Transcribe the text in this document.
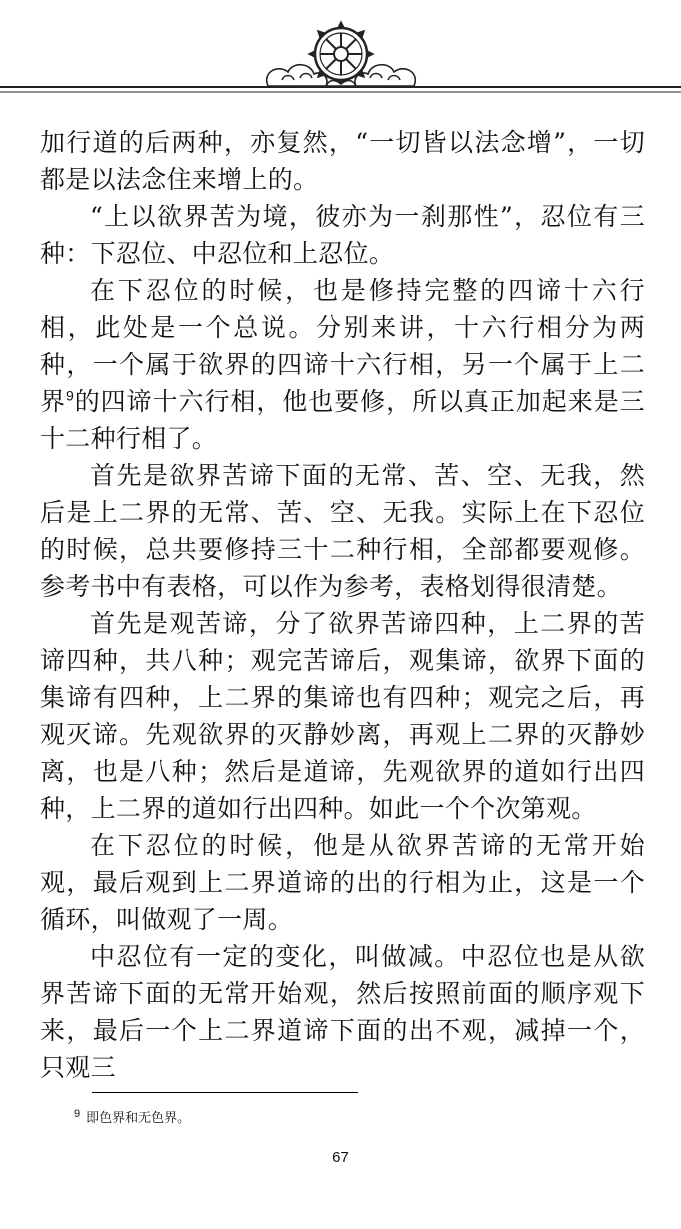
加行道的后两种，亦复然，“一切皆以法念增”，一切都是以法念住来增上的。

“上以欲界苦为境，彼亦为一刹那性”，忍位有三种：下忍位、中忍位和上忍位。

在下忍位的时候，也是修持完整的四谛十六行相，此处是一个总说。分别来讲，十六行相分为两种，一个属于欲界的四谛十六行相，另一个属于上二界$^9$的四谛十六行相，他也要修，所以真正加起来是三十二种行相了。

首先是欲界苦谛下面的无常、苦、空、无我，然后是上二界的无常、苦、空、无我。实际上在下忍位的时候，总共要修持三十二种行相，全部都要观修。参考书中有表格，可以作为参考，表格划得很清楚。

首先是观苦谛，分了欲界苦谛四种，上二界的苦谛四种，共八种；观完苦谛后，观集谛，欲界下面的集谛有四种，上二界的集谛也有四种；观完之后，再观灭谛。先观欲界的灭静妙离，再观上二界的灭静妙离，也是八种；然后是道谛，先观欲界的道如行出四种，上二界的道如行出四种。如此一个个次第观。

在下忍位的时候，他是从欲界苦谛的无常开始观，最后观到上二界道谛的出的行相为止，这是一个循环，叫做观了一周。

中忍位有一定的变化，叫做减。中忍位也是从欲界苦谛下面的无常开始观，然后按照前面的顺序观下来，最后一个上二界道谛下面的出不观，减掉一个，只观三

$^9$ 即色界和无色界。
67
